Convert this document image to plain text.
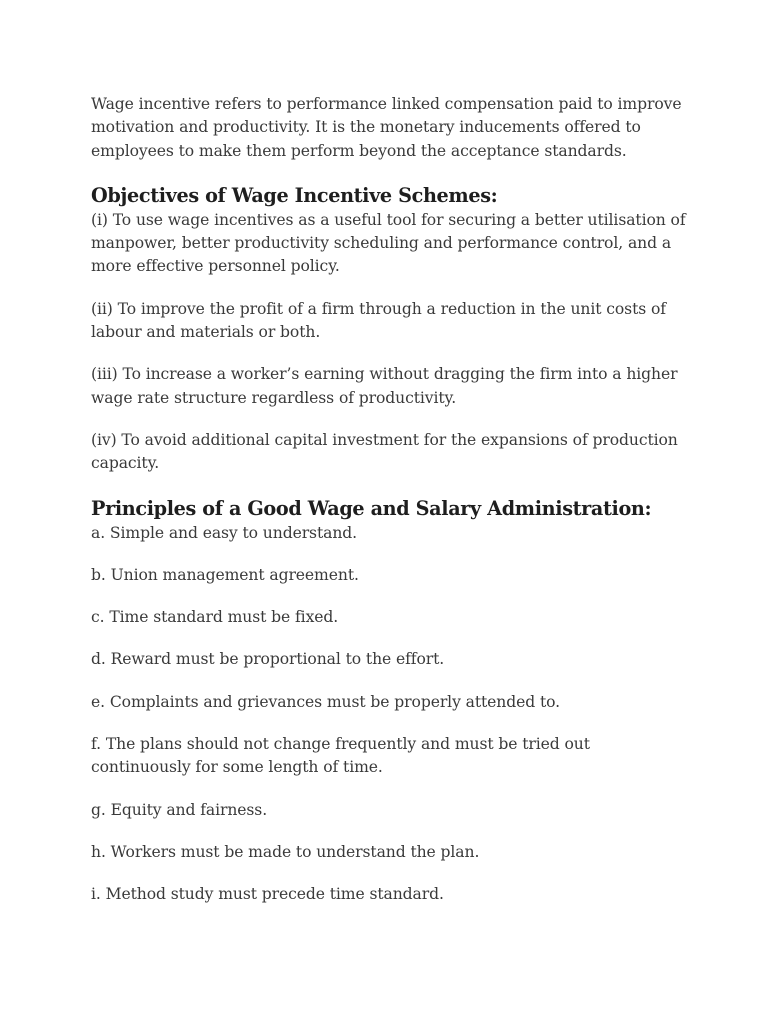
Wage incentive refers to performance linked compensation paid to improve motivation and productivity. It is the monetary inducements offered to employees to make them perform beyond the acceptance standards.

Objectives of Wage Incentive Schemes:

(i) To use wage incentives as a useful tool for securing a better utilisation of manpower, better productivity scheduling and performance control, and a more effective personnel policy.

(ii) To improve the profit of a firm through a reduction in the unit costs of labour and materials or both.

(iii) To increase a worker’s earning without dragging the firm into a higher wage rate structure regardless of productivity.

(iv) To avoid additional capital investment for the expansions of production capacity.

Principles of a Good Wage and Salary Administration:

a. Simple and easy to understand.

b. Union management agreement.

c. Time standard must be fixed.

d. Reward must be proportional to the effort.

e. Complaints and grievances must be properly attended to.

f. The plans should not change frequently and must be tried out continuously for some length of time.

g. Equity and fairness.

h. Workers must be made to understand the plan.

i. Method study must precede time standard.
